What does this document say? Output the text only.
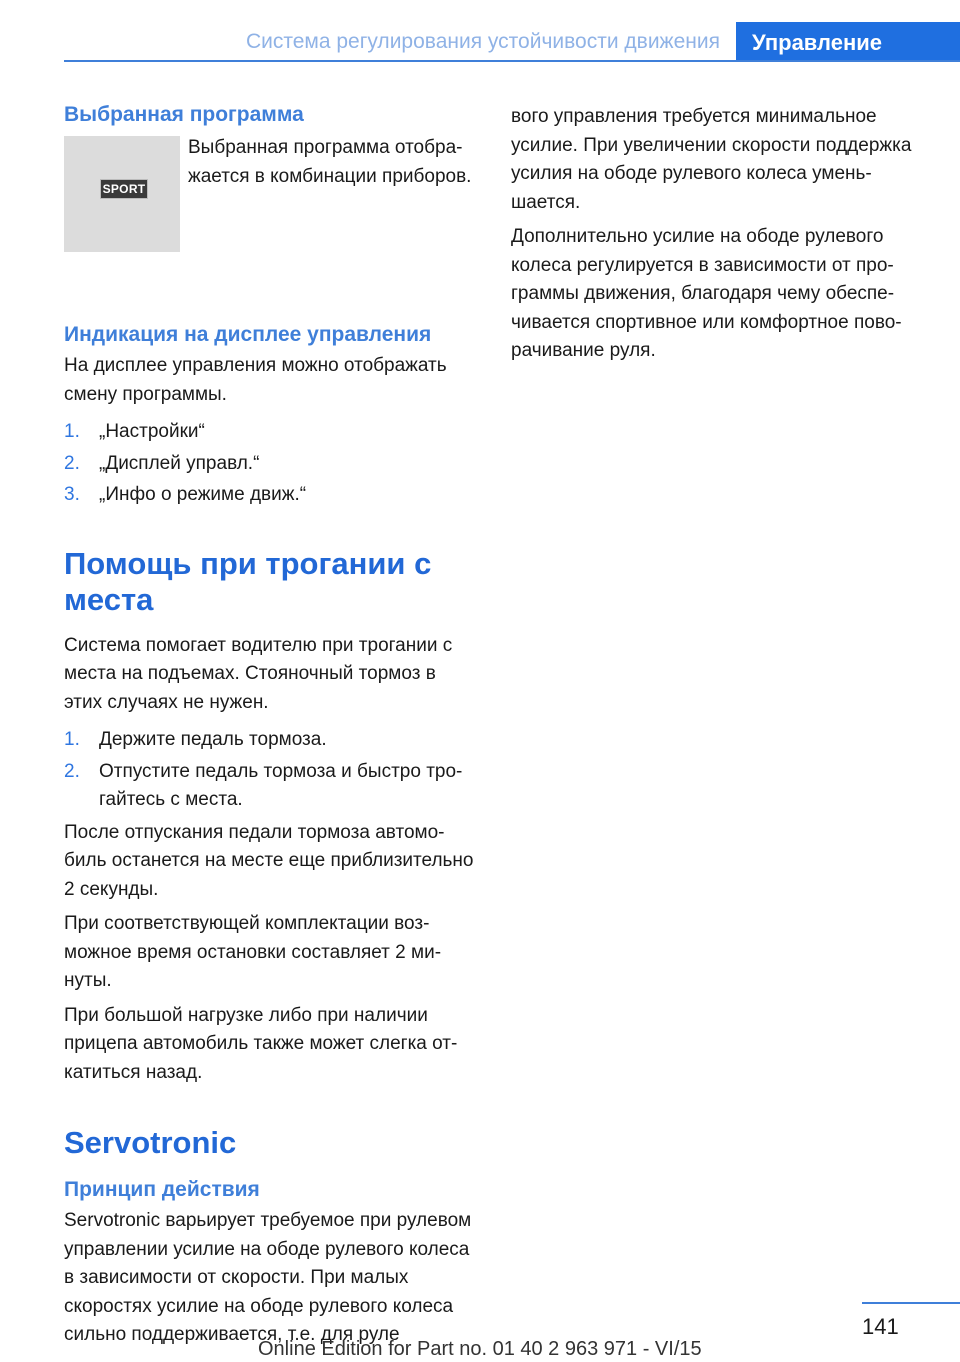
Система регулирования устойчивости движения	Управление
Выбранная программа
SPORT

Выбранная программа отображается в комбинации приборов.

Индикация на дисплее управления

На дисплее управления можно отображать смену программы.

1. „Настройки“
2. „Дисплей управл.“
3. „Инфо о режиме движ.“
Помощь при трогании с места

Система помогает водителю при трогании с места на подъемах. Стояночный тормоз в этих случаях не нужен.

1. Держите педаль тормоза.
2. Отпустите педаль тормоза и быстро трогайтесь с места.

После отпускания педали тормоза автомобиль останется на месте еще приблизительно 2 секунды.

При соответствующей комплектации возможное время остановки составляет 2 минуты.

При большой нагрузке либо при наличии прицепа автомобиль также может слегка откатиться назад.

Servotronic
Принцип действия

Servotronic варьирует требуемое при рулевом управлении усилие на ободе рулевого колеса в зависимости от скорости. При малых скоростях усилие на ободе рулевого колеса сильно поддерживается, т.е. для руле

вого управления требуется минимальное усилие. При увеличении скорости поддержка усилия на ободе рулевого колеса уменьшается.

Дополнительно усилие на ободе рулевого колеса регулируется в зависимости от программы движения, благодаря чему обеспечивается спортивное или комфортное поворачивание руля.

141
Online Edition for Part no. 01 40 2 963 971 - VI/15
